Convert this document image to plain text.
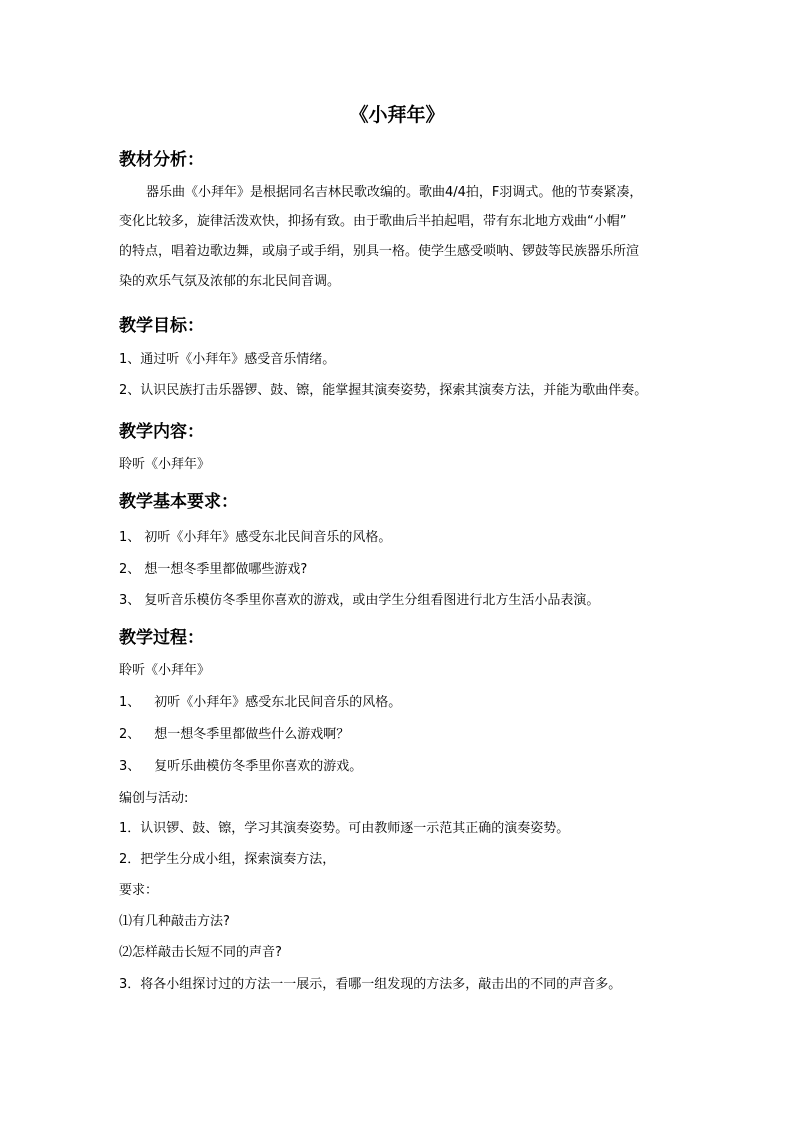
《小拜年》
教材分析：
器乐曲《小拜年》是根据同名吉林民歌改编的。歌曲4/4拍，F羽调式。他的节奏紧凑，
变化比较多，旋律活泼欢快，抑扬有致。由于歌曲后半拍起唱，带有东北地方戏曲“小帽”
的特点，唱着边歌边舞，或扇子或手绢，别具一格。使学生感受唢呐、锣鼓等民族器乐所渲
染的欢乐气氛及浓郁的东北民间音调。
教学目标：
1、通过听《小拜年》感受音乐情绪。
2、认识民族打击乐器锣、鼓、镲，能掌握其演奏姿势，探索其演奏方法，并能为歌曲伴奏。
教学内容：
聆听《小拜年》
教学基本要求：
1、 初听《小拜年》感受东北民间音乐的风格。
2、 想一想冬季里都做哪些游戏?
3、 复听音乐模仿冬季里你喜欢的游戏，或由学生分组看图进行北方生活小品表演。
教学过程：
聆听《小拜年》
1、 初听《小拜年》感受东北民间音乐的风格。
2、 想一想冬季里都做些什么游戏啊？
3、 复听乐曲模仿冬季里你喜欢的游戏。
编创与活动:
1．认识锣、鼓、镲，学习其演奏姿势。可由教师逐一示范其正确的演奏姿势。
2．把学生分成小组，探索演奏方法，
要求：
⑴有几种敲击方法?
⑵怎样敲击长短不同的声音?
3．将各小组探讨过的方法一一展示，看哪一组发现的方法多，敲击出的不同的声音多。
